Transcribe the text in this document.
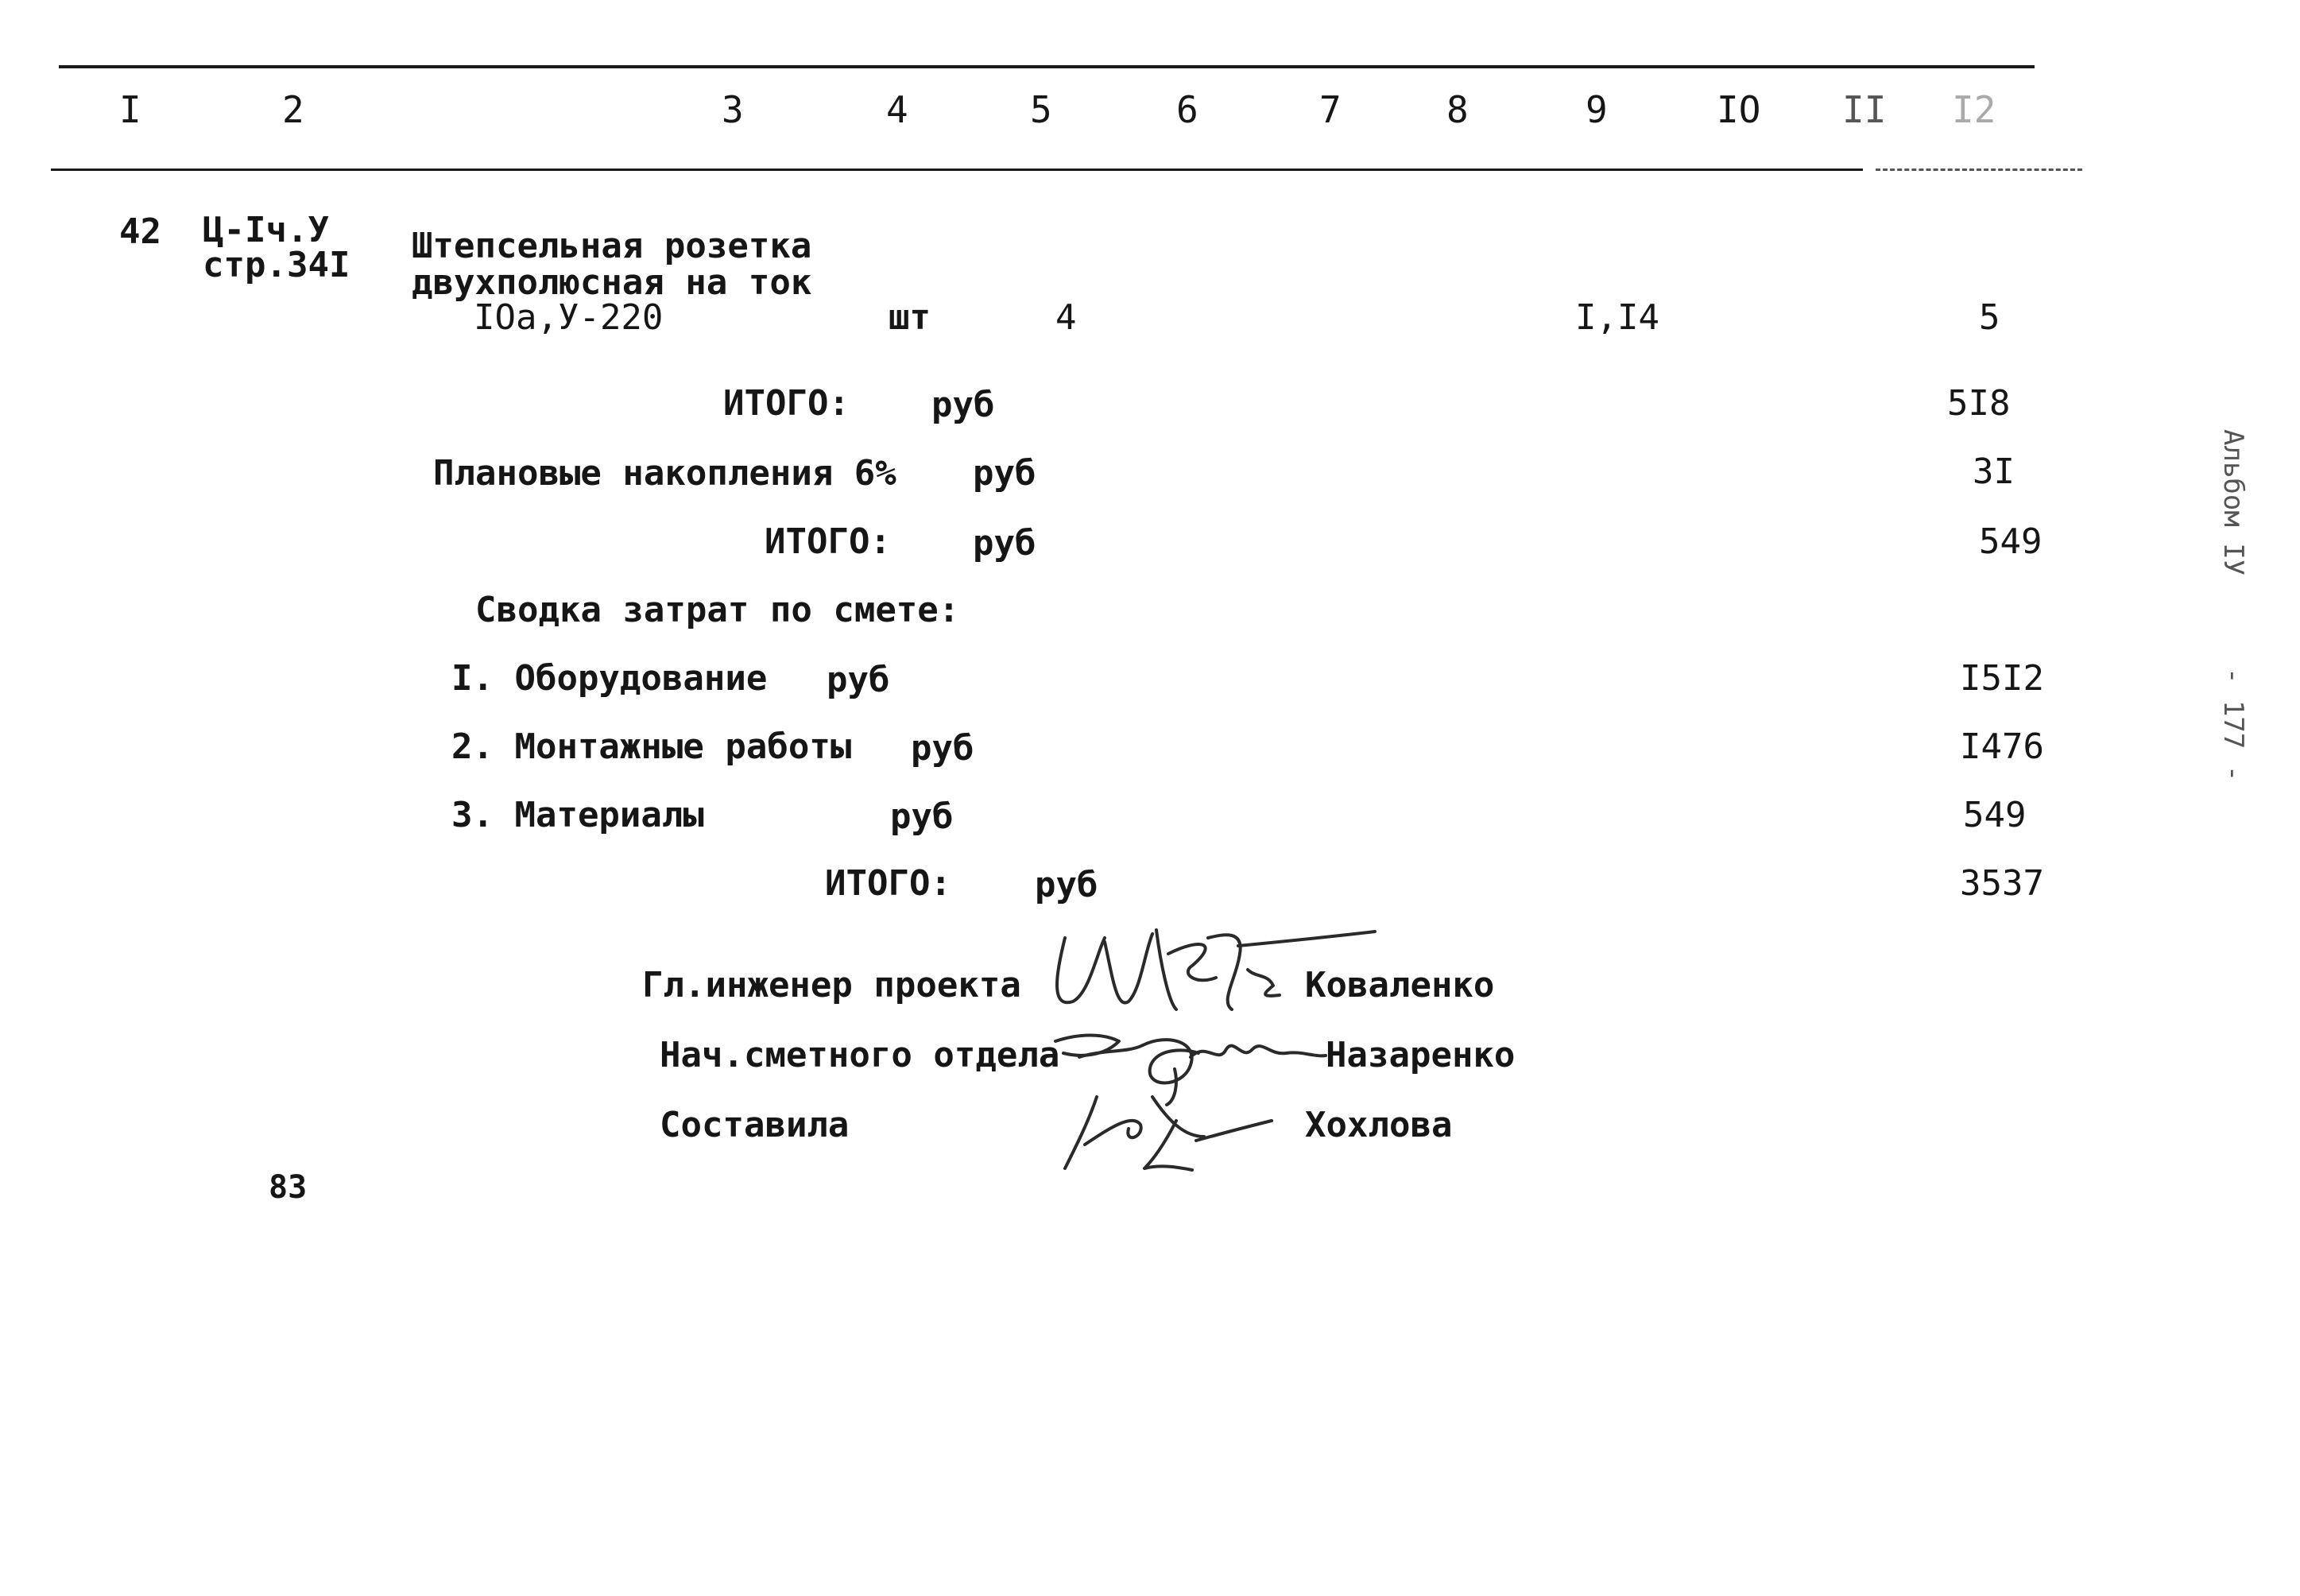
I	2	3	4	5	6	7	8	9	IO II I2
42 Ц-Iч.У
стр.34I Штепсельная розетка
двухполюсная на ток
IOа,У-220	шт	4	I,I4	5
ИТОГО: руб	5I8
Плановые накопления 6% руб	3I
ИТОГО: руб	549
Сводка затрат по смете:
I. Оборудование руб	I5I2
2. Монтажные работы руб	I476
3. Материалы	руб	549
ИТОГО: руб	3537
Гл.инженер проекта	Коваленко
Нач.сметного отдела	Назаренко
Составила	Хохлова
83
Альбом IУ
- 177 -
